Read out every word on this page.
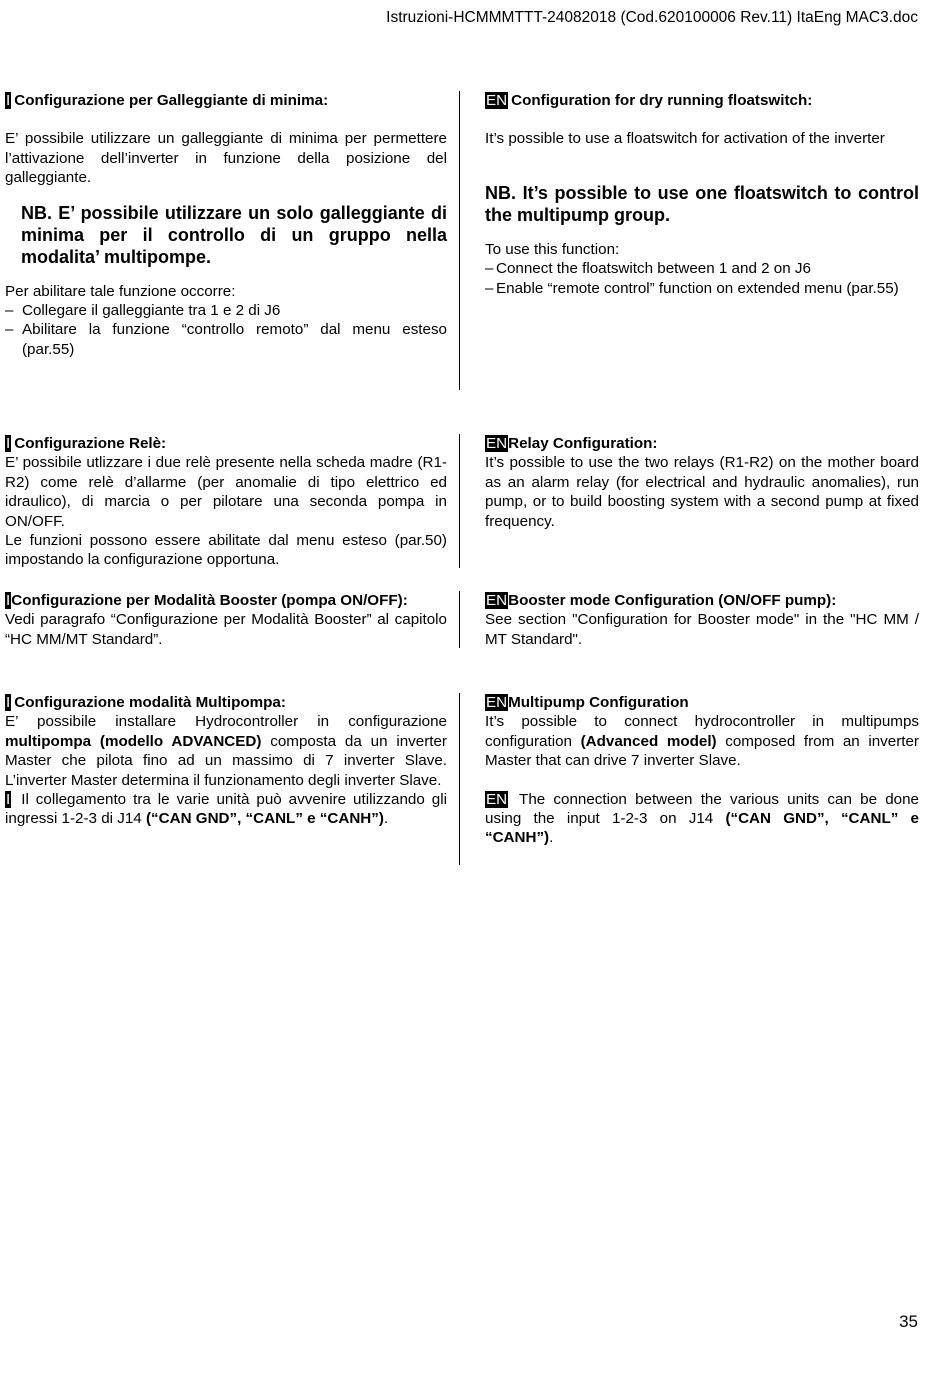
Istruzioni-HCMMMTTT-24082018 (Cod.620100006 Rev.11) ItaEng MAC3.doc
I Configurazione per Galleggiante di minima:

E’ possibile utilizzare un galleggiante di minima per permettere l’attivazione dell’inverter in funzione della posizione del galleggiante.

NB. E’ possibile utilizzare un solo galleggiante di minima per il controllo di un gruppo nella modalita’ multipompe.

Per abilitare tale funzione occorre:

– Collegare il galleggiante tra 1 e 2 di J6
– Abilitare la funzione “controllo remoto” dal menu esteso (par.55)
EN Configuration for dry running floatswitch:

It’s possible to use a floatswitch for activation of the inverter

NB. It’s possible to use one floatswitch to control the multipump group.

To use this function:

– Connect the floatswitch between 1 and 2 on J6
– Enable “remote control” function on extended menu (par.55)
I Configurazione Relè:

E’ possibile utlizzare i due relè presente nella scheda madre (R1-R2) come relè d’allarme (per anomalie di tipo elettrico ed idraulico), di marcia o per pilotare una seconda pompa in ON/OFF.

Le funzioni possono essere abilitate dal menu esteso (par.50) impostando la configurazione opportuna.

ENRelay Configuration:

It’s possible to use the two relays (R1-R2) on the mother board as an alarm relay (for electrical and hydraulic anomalies), run pump, or to build boosting system with a second pump at fixed frequency.

IConfigurazione per Modalità Booster (pompa ON/OFF):

Vedi paragrafo “Configurazione per Modalità Booster” al capitolo “HC MM/MT Standard”.

ENBooster mode Configuration (ON/OFF pump):

See section "Configuration for Booster mode" in the "HC MM / MT Standard".

I Configurazione modalità Multipompa:

E’ possibile installare Hydrocontroller in configurazione multipompa (modello ADVANCED) composta da un inverter Master che pilota fino ad un massimo di 7 inverter Slave. L’inverter Master determina il funzionamento degli inverter Slave.

I Il collegamento tra le varie unità può avvenire utilizzando gli ingressi 1-2-3 di J14 (“CAN GND”, “CANL” e “CANH”).

ENMultipump Configuration

It’s possible to connect hydrocontroller in multipumps configuration (Advanced model) composed from an inverter Master that can drive 7 inverter Slave.

EN The connection between the various units can be done using the input 1-2-3 on J14 (“CAN GND”, “CANL” e “CANH”).

35
